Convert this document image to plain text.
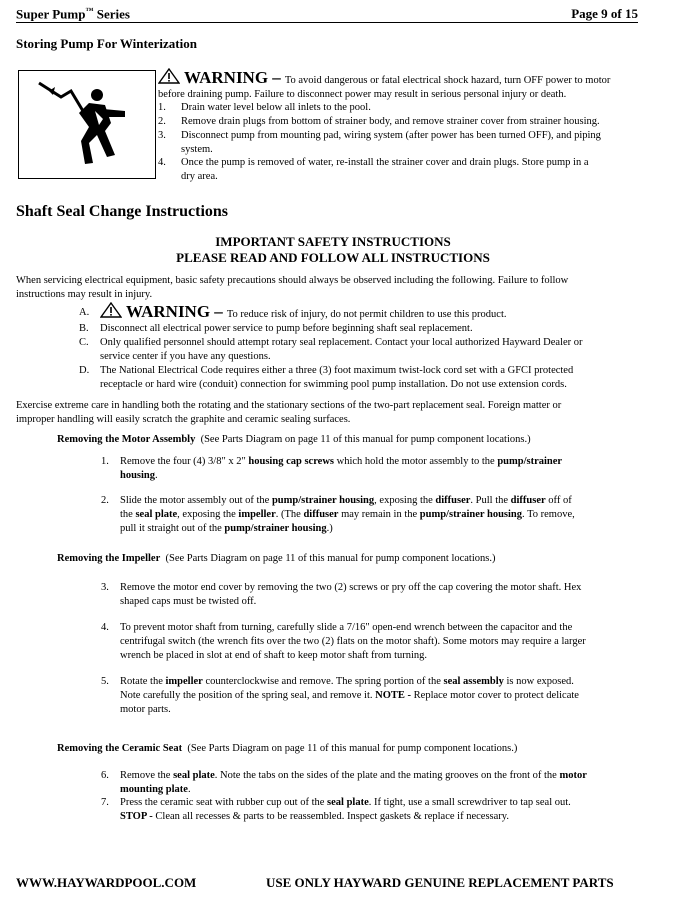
Super Pump™ Series	Page 9 of 15
Storing Pump For Winterization
WARNING – To avoid dangerous or fatal electrical shock hazard, turn OFF power to motor
before draining pump. Failure to disconnect power may result in serious personal injury or death.
1. Drain water level below all inlets to the pool.
2. Remove drain plugs from bottom of strainer body, and remove strainer cover from strainer housing.
3. Disconnect pump from mounting pad, wiring system (after power has been turned OFF), and piping
system.
4. Once the pump is removed of water, re-install the strainer cover and drain plugs. Store pump in a
dry area.
Shaft Seal Change Instructions
IMPORTANT SAFETY INSTRUCTIONS
PLEASE READ AND FOLLOW ALL INSTRUCTIONS
When servicing electrical equipment, basic safety precautions should always be observed including the following. Failure to follow
instructions may result in injury.
A.	WARNING – To reduce risk of injury, do not permit children to use this product.
B. Disconnect all electrical power service to pump before beginning shaft seal replacement.
C. Only qualified personnel should attempt rotary seal replacement. Contact your local authorized Hayward Dealer or
service center if you have any questions.
D. The National Electrical Code requires either a three (3) foot maximum twist-lock cord set with a GFCI protected
receptacle or hard wire (conduit) connection for swimming pool pump installation. Do not use extension cords.
Exercise extreme care in handling both the rotating and the stationary sections of the two-part replacement seal. Foreign matter or
improper handling will easily scratch the graphite and ceramic sealing surfaces.
Removing the Motor Assembly (See Parts Diagram on page 11 of this manual for pump component locations.)
1. Remove the four (4) 3/8" x 2" housing cap screws which hold the motor assembly to the pump/strainer
housing.
2. Slide the motor assembly out of the pump/strainer housing, exposing the diffuser. Pull the diffuser off of
the seal plate, exposing the impeller. (The diffuser may remain in the pump/strainer housing. To remove,
pull it straight out of the pump/strainer housing.)
Removing the Impeller (See Parts Diagram on page 11 of this manual for pump component locations.)
3. Remove the motor end cover by removing the two (2) screws or pry off the cap covering the motor shaft. Hex
shaped caps must be twisted off.
4. To prevent motor shaft from turning, carefully slide a 7/16" open-end wrench between the capacitor and the
centrifugal switch (the wrench fits over the two (2) flats on the motor shaft). Some motors may require a larger
wrench be placed in slot at end of shaft to keep motor shaft from turning.
5. Rotate the impeller counterclockwise and remove. The spring portion of the seal assembly is now exposed.
Note carefully the position of the spring seal, and remove it. NOTE - Replace motor cover to protect delicate
motor parts.
Removing the Ceramic Seat (See Parts Diagram on page 11 of this manual for pump component locations.)
6. Remove the seal plate. Note the tabs on the sides of the plate and the mating grooves on the front of the motor
mounting plate.
7. Press the ceramic seat with rubber cup out of the seal plate. If tight, use a small screwdriver to tap seal out.
STOP - Clean all recesses & parts to be reassembled. Inspect gaskets & replace if necessary.
WWW.HAYWARDPOOL.COM	USE ONLY HAYWARD GENUINE REPLACEMENT PARTS
